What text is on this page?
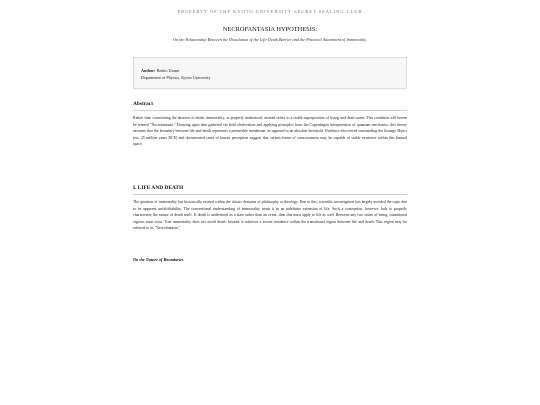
PROPERTY OF THE KYOTO UNIVERSITY SECRET SEALING CLUB
NECROFANTASIA HYPOTHESIS:
On the Relationship Between the Dissolution of the Life-Death Barrier and the Practical Attainment of Immortality.
Author: Renko Usami
Department of Physics, Kyoto University
Abstract
Rather than constituting the absence of death, immortality, as properly understood, instead refers to a stable superposition of living and dead states. This condition will herein be termed "Necrofantasia." Drawing upon data gathered via field observation and applying principles from the Copenhagen interpretation of quantum mechanics, this theory assumes that the boundary between life and death represents a permeable membrane, as opposed to an absolute threshold. Evidence discovered surrounding the Izanagi Object (est. 25 million years BCE) and documented cases of barrier perception suggest that certain forms of consciousness may be capable of stable existence within this liminal space.
I. LIFE AND DEATH
The question of immortality has historically existed within the classic domains of philosophy or theology. Due to this, scientific investigation has largely avoided the topic due to its apparent unfalsifiability. The conventional understanding of immortality treats it as an indefinite extension of life. Such a conception, however, fails to properly characterize the nature of death itself. If death is understood as a state rather than an event, then this must apply to life as well. Between any two states of being, transitional regions must exist. True immortality does not avoid death. Instead, it achieves a secure residence within the transitional region between life and death. This region may be referred to as "Necrofantasia."
On the Nature of Boundaries
